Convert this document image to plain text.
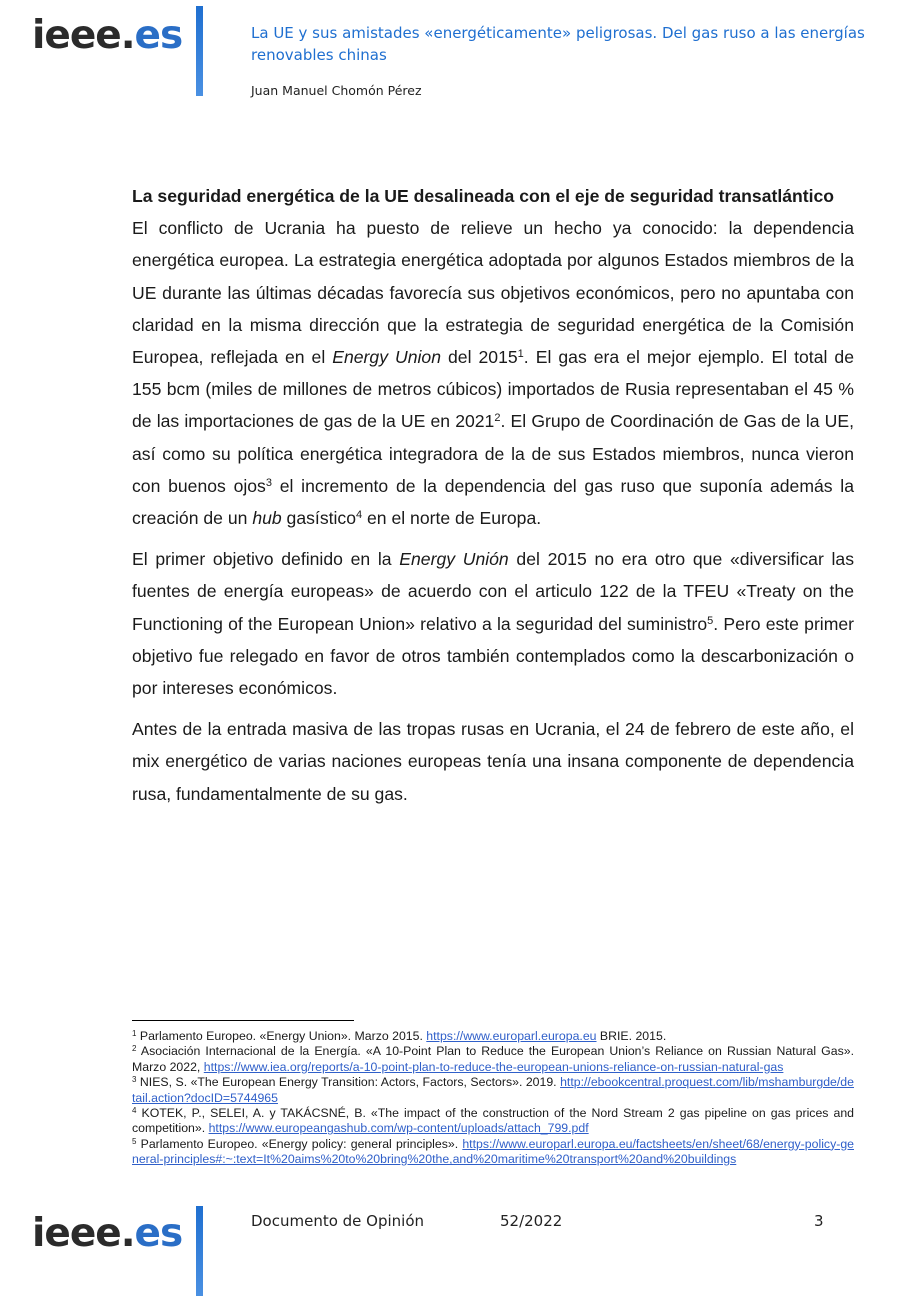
ieee.es	La UE y sus amistades «energéticamente» peligrosas. Del gas ruso a las energías renovables chinas
Juan Manuel Chomón Pérez
La seguridad energética de la UE desalineada con el eje de seguridad transatlántico

El conflicto de Ucrania ha puesto de relieve un hecho ya conocido: la dependencia energética europea. La estrategia energética adoptada por algunos Estados miembros de la UE durante las últimas décadas favorecía sus objetivos económicos, pero no apuntaba con claridad en la misma dirección que la estrategia de seguridad energética de la Comisión Europea, reflejada en el Energy Union del 2015$^1$. El gas era el mejor ejemplo. El total de 155 bcm (miles de millones de metros cúbicos) importados de Rusia representaban el 45 % de las importaciones de gas de la UE en 2021$^2$. El Grupo de Coordinación de Gas de la UE, así como su política energética integradora de la de sus Estados miembros, nunca vieron con buenos ojos$^3$ el incremento de la dependencia del gas ruso que suponía además la creación de un hub gasístico$^4$ en el norte de Europa.

El primer objetivo definido en la Energy Unión del 2015 no era otro que «diversificar las fuentes de energía europeas» de acuerdo con el articulo 122 de la TFEU «Treaty on the Functioning of the European Union» relativo a la seguridad del suministro$^5$. Pero este primer objetivo fue relegado en favor de otros también contemplados como la descarbonización o por intereses económicos.

Antes de la entrada masiva de las tropas rusas en Ucrania, el 24 de febrero de este año, el mix energético de varias naciones europeas tenía una insana componente de dependencia rusa, fundamentalmente de su gas.

$^1$ Parlamento Europeo. «Energy Union». Marzo 2015. https://www.europarl.europa.eu BRIE. 2015.
$^2$ Asociación Internacional de la Energía. «A 10-Point Plan to Reduce the European Union’s Reliance on Russian Natural Gas». Marzo 2022, https://www.iea.org/reports/a-10-point-plan-to-reduce-the-european-unions-reliance-on-russian-natural-gas
$^3$ NIES, S. «The European Energy Transition: Actors, Factors, Sectors». 2019. http://ebookcentral.proquest.com/lib/mshamburgde/detail.action?docID=5744965
$^4$ KOTEK, P., SELEI, A. y TAKÁCSNÉ, B. «The impact of the construction of the Nord Stream 2 gas pipeline on gas prices and competition». https://www.europeangashub.com/wp-content/uploads/attach_799.pdf
$^5$ Parlamento Europeo. «Energy policy: general principles». https://www.europarl.europa.eu/factsheets/en/sheet/68/energy-policy-general-principles#:~:text=It%20aims%20to%20bring%20the,and%20maritime%20transport%20and%20buildings
ieee.es	Documento de Opinión	52/2022	3
